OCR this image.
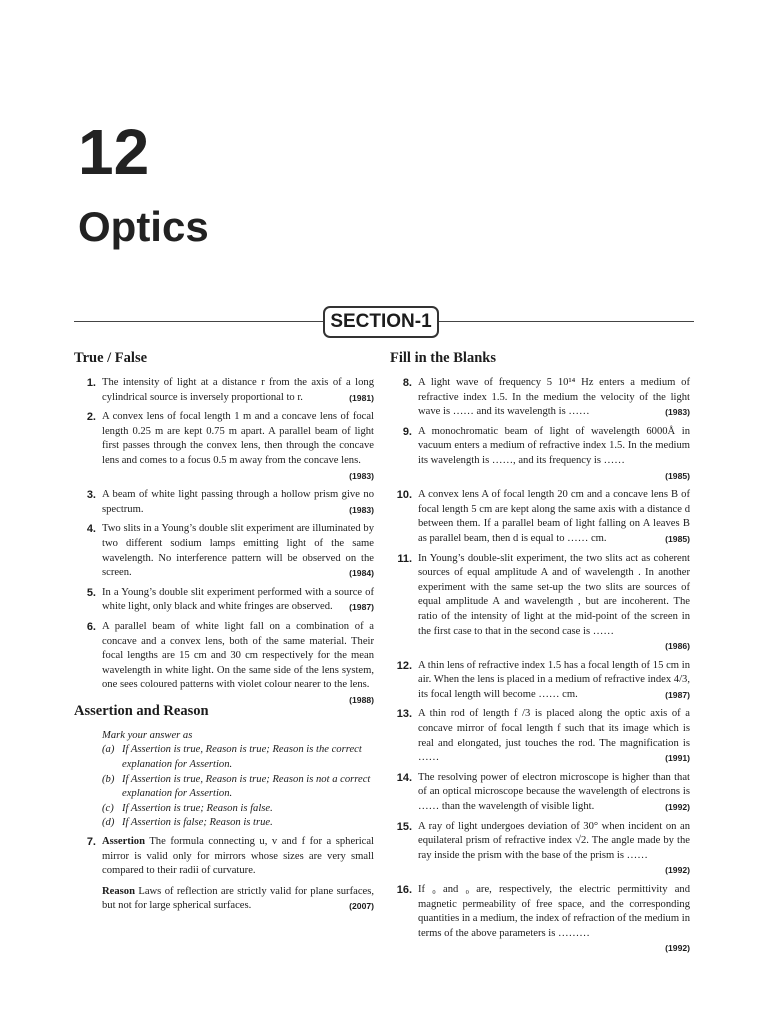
12
Optics
SECTION-1
True / False
1. The intensity of light at a distance r from the axis of a long cylindrical source is inversely proportional to r.	(1981)
2. A convex lens of focal length 1 m and a concave lens of focal length 0.25 m are kept 0.75 m apart. A parallel beam of light first passes through the convex lens, then through the concave lens and comes to a focus 0.5 m away from the concave lens.
(1983)
3. A beam of white light passing through a hollow prism give no spectrum.	(1983)
4. Two slits in a Young’s double slit experiment are illuminated by two different sodium lamps emitting light of the same wavelength. No interference pattern will be observed on the screen.	(1984)
5. In a Young’s double slit experiment performed with a source of white light, only black and white fringes are observed.	(1987)
6. A parallel beam of white light fall on a combination of a concave and a convex lens, both of the same material. Their focal lengths are 15 cm and 30 cm respectively for the mean wavelength in white light. On the same side of the lens system, one sees coloured patterns with violet colour nearer to the lens.
(1988)
Assertion and Reason
Mark your answer as
(a) If Assertion is true, Reason is true; Reason is the correct explanation for Assertion.
(b) If Assertion is true, Reason is true; Reason is not a correct explanation for Assertion.
(c) If Assertion is true; Reason is false.
(d) If Assertion is false; Reason is true.
7. Assertion The formula connecting u, v and f for a spherical mirror is valid only for mirrors whose sizes are very small compared to their radii of curvature.
Reason Laws of reflection are strictly valid for plane surfaces, but not for large spherical surfaces.	(2007)
Fill in the Blanks
8. A light wave of frequency 5 10¹⁴ Hz enters a medium of refractive index 1.5. In the medium the velocity of the light wave is …… and its wavelength is ……	(1983)
9. A monochromatic beam of light of wavelength 6000Å in vacuum enters a medium of refractive index 1.5. In the medium its wavelength is ……, and its frequency is ……
(1985)
10. A convex lens A of focal length 20 cm and a concave lens B of focal length 5 cm are kept along the same axis with a distance d between them. If a parallel beam of light falling on A leaves B as parallel beam, then d is equal to …… cm.	(1985)
11. In Young’s double-slit experiment, the two slits act as coherent sources of equal amplitude A and of wavelength . In another experiment with the same set-up the two slits are sources of equal amplitude A and wavelength , but are incoherent. The ratio of the intensity of light at the mid-point of the screen in the first case to that in the second case is ……
(1986)
12. A thin lens of refractive index 1.5 has a focal length of 15 cm in air. When the lens is placed in a medium of refractive index 4/3, its focal length will become …… cm.	(1987)
13. A thin rod of length f /3 is placed along the optic axis of a concave mirror of focal length f such that its image which is real and elongated, just touches the rod. The magnification is ……	(1991)
14. The resolving power of electron microscope is higher than that of an optical microscope because the wavelength of electrons is …… than the wavelength of visible light.	(1992)
15. A ray of light undergoes deviation of 30° when incident on an equilateral prism of refractive index √2. The angle made by the ray inside the prism with the base of the prism is ……
(1992)
16. If ₀ and ₀ are, respectively, the electric permittivity and magnetic permeability of free space, and the corresponding quantities in a medium, the index of refraction of the medium in terms of the above parameters is ………
(1992)
